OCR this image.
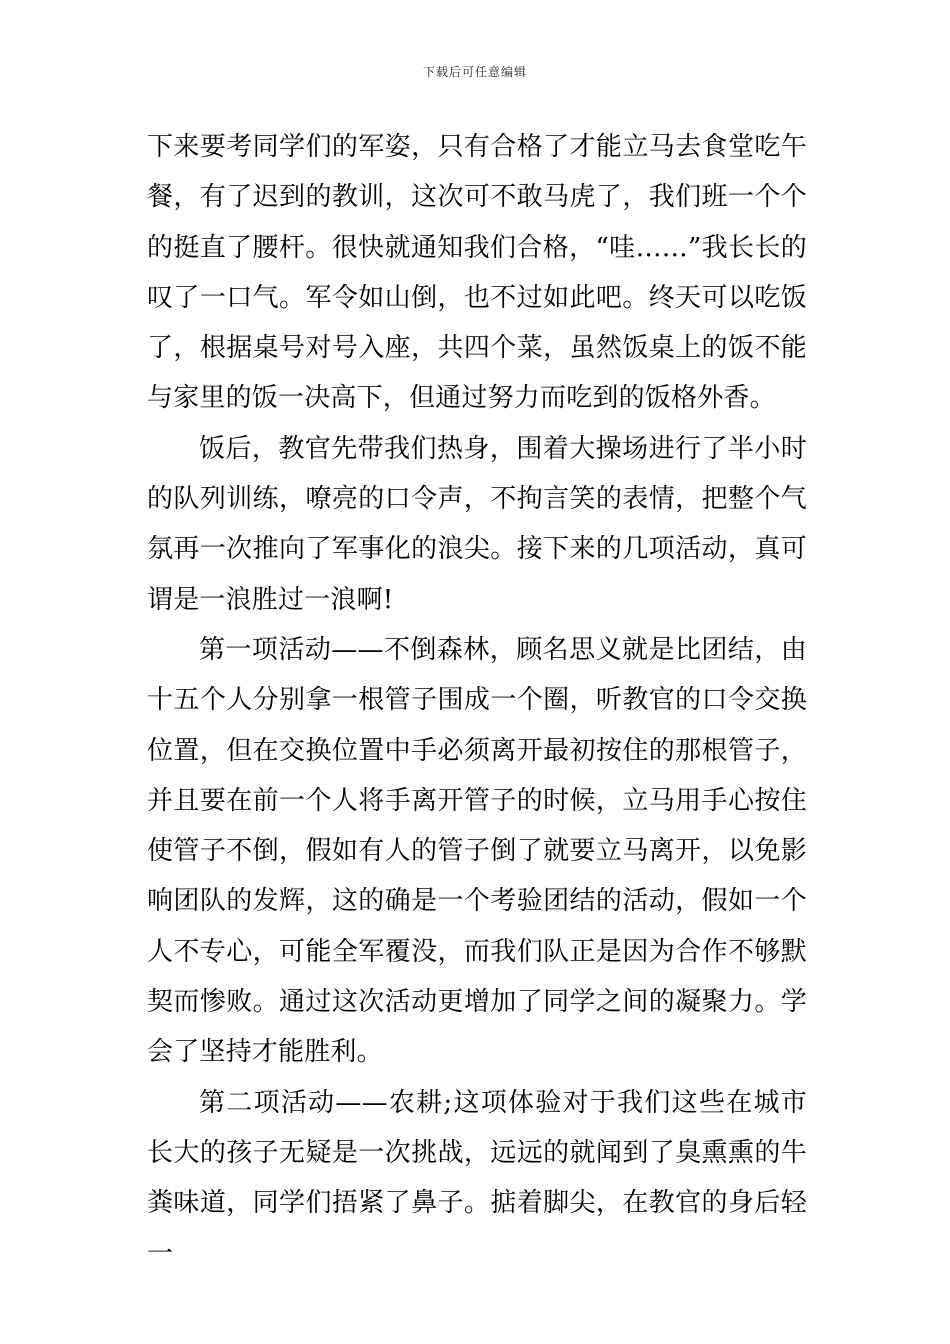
下载后可任意编辑

下来要考同学们的军姿，只有合格了才能立马去食堂吃午餐，有了迟到的教训，这次可不敢马虎了，我们班一个个的挺直了腰杆。很快就通知我们合格，“哇……”我长长的叹了一口气。军令如山倒，也不过如此吧。终天可以吃饭了，根据桌号对号入座，共四个菜，虽然饭桌上的饭不能与家里的饭一决高下，但通过努力而吃到的饭格外香。

饭后，教官先带我们热身，围着大操场进行了半小时的队列训练，嘹亮的口令声，不拘言笑的表情，把整个气氛再一次推向了军事化的浪尖。接下来的几项活动，真可谓是一浪胜过一浪啊!

第一项活动——不倒森林，顾名思义就是比团结，由十五个人分别拿一根管子围成一个圈，听教官的口令交换位置，但在交换位置中手必须离开最初按住的那根管子，并且要在前一个人将手离开管子的时候，立马用手心按住使管子不倒，假如有人的管子倒了就要立马离开，以免影响团队的发辉，这的确是一个考验团结的活动，假如一个人不专心，可能全军覆没，而我们队正是因为合作不够默契而惨败。通过这次活动更增加了同学之间的凝聚力。学会了坚持才能胜利。

第二项活动——农耕;这项体验对于我们这些在城市长大的孩子无疑是一次挑战，远远的就闻到了臭熏熏的牛粪味道，同学们捂紧了鼻子。掂着脚尖，在教官的身后轻一
